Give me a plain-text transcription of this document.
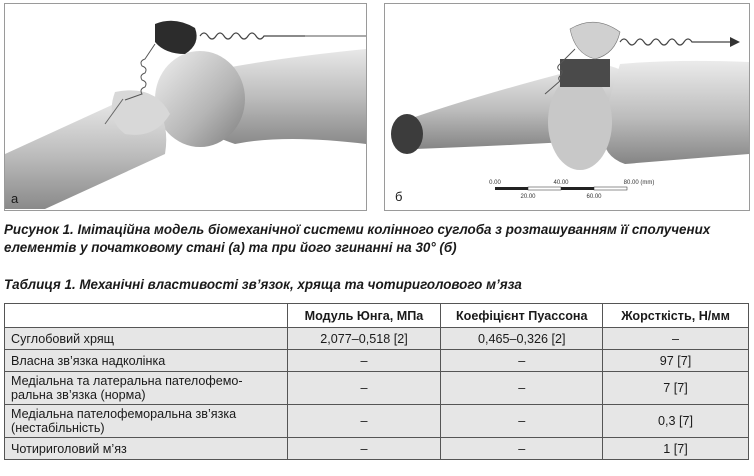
а
0.00	40.00	80.00 (mm)
20.00	60.00
б
Рисунок 1. Імітаційна модель біомеханічної системи колінного суглоба з розташуванням її сполучених елементів у початковому стані (а) та при його згинанні на 30° (б)
Таблиця 1. Механічні властивості зв’язок, хряща та чотириголового м’яза
	Модуль Юнга, МПа	Коефіцієнт Пуассона	Жорсткість, Н/мм
Суглобовий хрящ	2,077–0,518 [2]	0,465–0,326 [2]	–
Власна зв’язка надколінка	–	–	97 [7]
Медіальна та латеральна пателофемо-ральна зв’язка (норма)	–	–	7 [7]
Медіальна пателофеморальна зв’язка (нестабільність)	–	–	0,3 [7]
Чотириголовий м’яз	–	–	1 [7]
